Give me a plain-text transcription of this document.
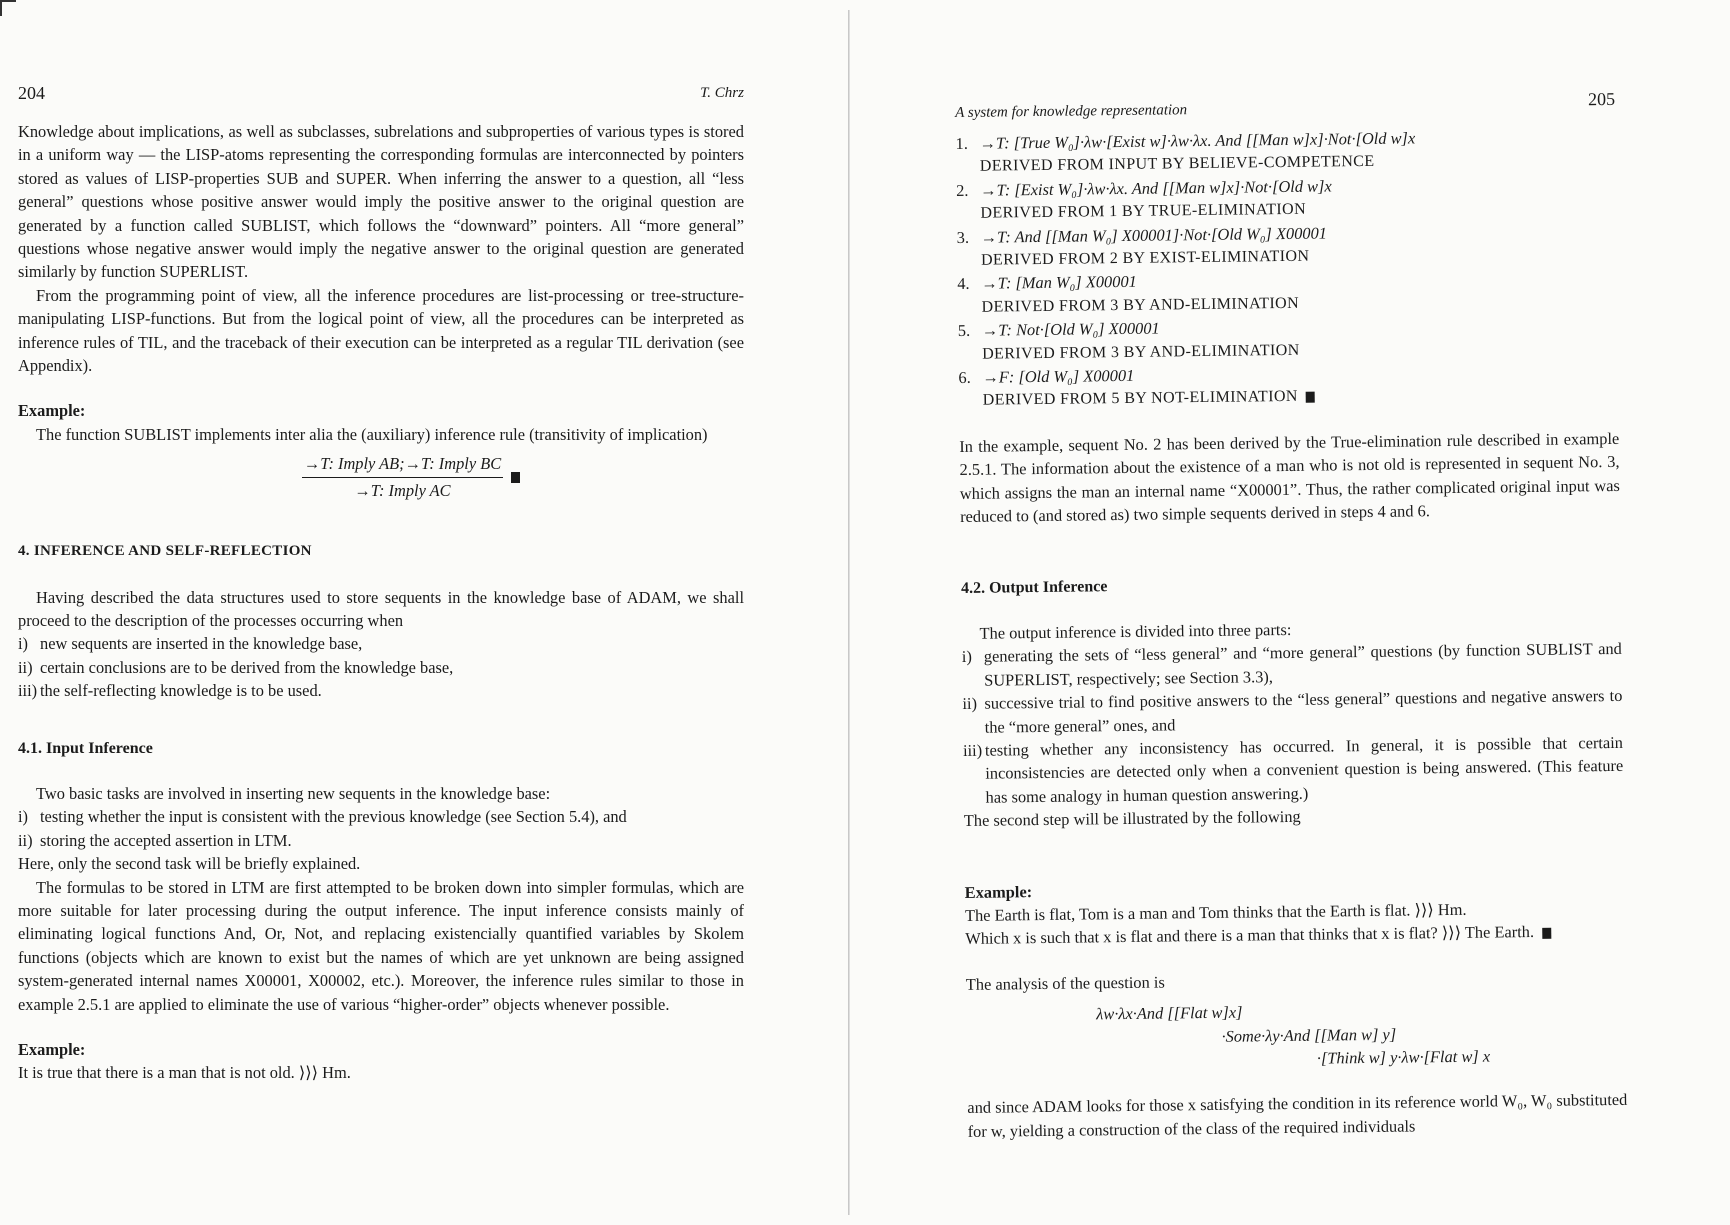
204	T. Chrz

Knowledge about implications, as well as subclasses, subrelations and subproperties of various types is stored in a uniform way — the LISP-atoms representing the corresponding formulas are interconnected by pointers stored as values of LISP-properties SUB and SUPER. When inferring the answer to a question, all “less general” questions whose positive answer would imply the positive answer to the original question are generated by a function called SUBLIST, which follows the “downward” pointers. All “more general” questions whose negative answer would imply the negative answer to the original question are generated similarly by function SUPERLIST.

From the programming point of view, all the inference procedures are list-processing or tree-structure-manipulating LISP-functions. But from the logical point of view, all the procedures can be interpreted as inference rules of TIL, and the traceback of their execution can be interpreted as a regular TIL derivation (see Appendix).

Example:

The function SUBLIST implements inter alia the (auxiliary) inference rule (transitivity of implication)

$\frac{\text{→T: Imply AB;→T: Imply BC}}{\text{→T: Imply AC}}$

4. INFERENCE AND SELF-REFLECTION

Having described the data structures used to store sequents in the knowledge base of ADAM, we shall proceed to the description of the processes occurring when

i) new sequents are inserted in the knowledge base,
ii) certain conclusions are to be derived from the knowledge base,
iii) the self-reflecting knowledge is to be used.

4.1. Input Inference

Two basic tasks are involved in inserting new sequents in the knowledge base:

i) testing whether the input is consistent with the previous knowledge (see Section 5.4), and
ii) storing the accepted assertion in LTM.

Here, only the second task will be briefly explained.

The formulas to be stored in LTM are first attempted to be broken down into simpler formulas, which are more suitable for later processing during the output inference. The input inference consists mainly of eliminating logical functions And, Or, Not, and replacing existencially quantified variables by Skolem functions (objects which are known to exist but the names of which are yet unknown are being assigned system-generated internal names X00001, X00002, etc.). Moreover, the inference rules similar to those in example 2.5.1 are applied to eliminate the use of various “higher-order” objects whenever possible.

Example:

It is true that there is a man that is not old. ⟩⟩⟩ Hm.

A system for knowledge representation
205
1. →T: [True W₀]·λw·[Exist w]·λw·λx. And [[Man w]x]·Not·[Old w]x
DERIVED FROM INPUT BY BELIEVE-COMPETENCE
2. →T: [Exist W₀]·λw·λx. And [[Man w]x]·Not·[Old w]x
DERIVED FROM 1 BY TRUE-ELIMINATION
3. →T: And [[Man W₀] X00001]·Not·[Old W₀] X00001
DERIVED FROM 2 BY EXIST-ELIMINATION
4. →T: [Man W₀] X00001
DERIVED FROM 3 BY AND-ELIMINATION
5. →T: Not·[Old W₀] X00001
DERIVED FROM 3 BY AND-ELIMINATION
6. →F: [Old W₀] X00001
DERIVED FROM 5 BY NOT-ELIMINATION

In the example, sequent No. 2 has been derived by the True-elimination rule described in example 2.5.1. The information about the existence of a man who is not old is represented in sequent No. 3, which assigns the man an internal name “X00001”. Thus, the rather complicated original input was reduced to (and stored as) two simple sequents derived in steps 4 and 6.

4.2. Output Inference

The output inference is divided into three parts:

i) generating the sets of “less general” and “more general” questions (by function SUBLIST and SUPERLIST, respectively; see Section 3.3),
ii) successive trial to find positive answers to the “less general” questions and negative answers to the “more general” ones, and
iii) testing whether any inconsistency has occurred. In general, it is possible that certain inconsistencies are detected only when a convenient question is being answered. (This feature has some analogy in human question answering.)

The second step will be illustrated by the following

Example:

The Earth is flat, Tom is a man and Tom thinks that the Earth is flat. ⟩⟩⟩ Hm.

Which x is such that x is flat and there is a man that thinks that x is flat? ⟩⟩⟩ The Earth.

The analysis of the question is

λw·λx·And [[Flat w]x]
·Some·λy·And [[Man w] y]
·[Think w] y·λw·[Flat w] x

and since ADAM looks for those x satisfying the condition in its reference world W₀, W₀ substituted for w, yielding a construction of the class of the required individuals
